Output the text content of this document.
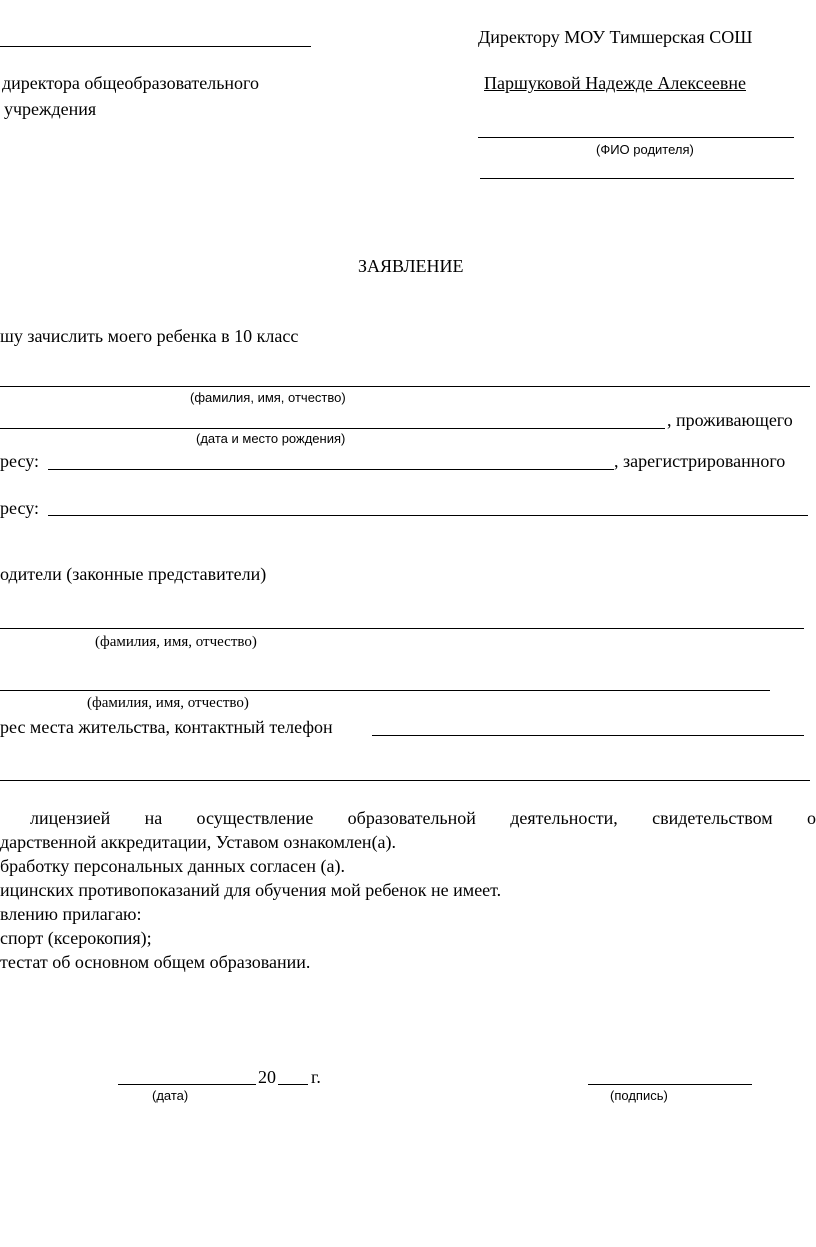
Директору МОУ Тимшерская СОШ
директора общеобразовательного
учреждения
Паршуковой Надежде Алексеевне
(ФИО родителя)
ЗАЯВЛЕНИЕ
шу зачислить моего ребенка в 10 класс
(фамилия, имя, отчество)
, проживающего
(дата и место рождения)
ресу:	, зарегистрированного
ресу:
одители (законные представители)
(фамилия, имя, отчество)
(фамилия, имя, отчество)
рес места жительства, контактный телефон
лицензией на осуществление образовательной деятельности, свидетельством о
дарственной аккредитации, Уставом ознакомлен(а).
бработку персональных данных согласен (а).
ицинских противопоказаний для обучения мой ребенок не имеет.
влению прилагаю:
спорт (ксерокопия);
тестат об основном общем образовании.
20 г.
(дата)	(подпись)
